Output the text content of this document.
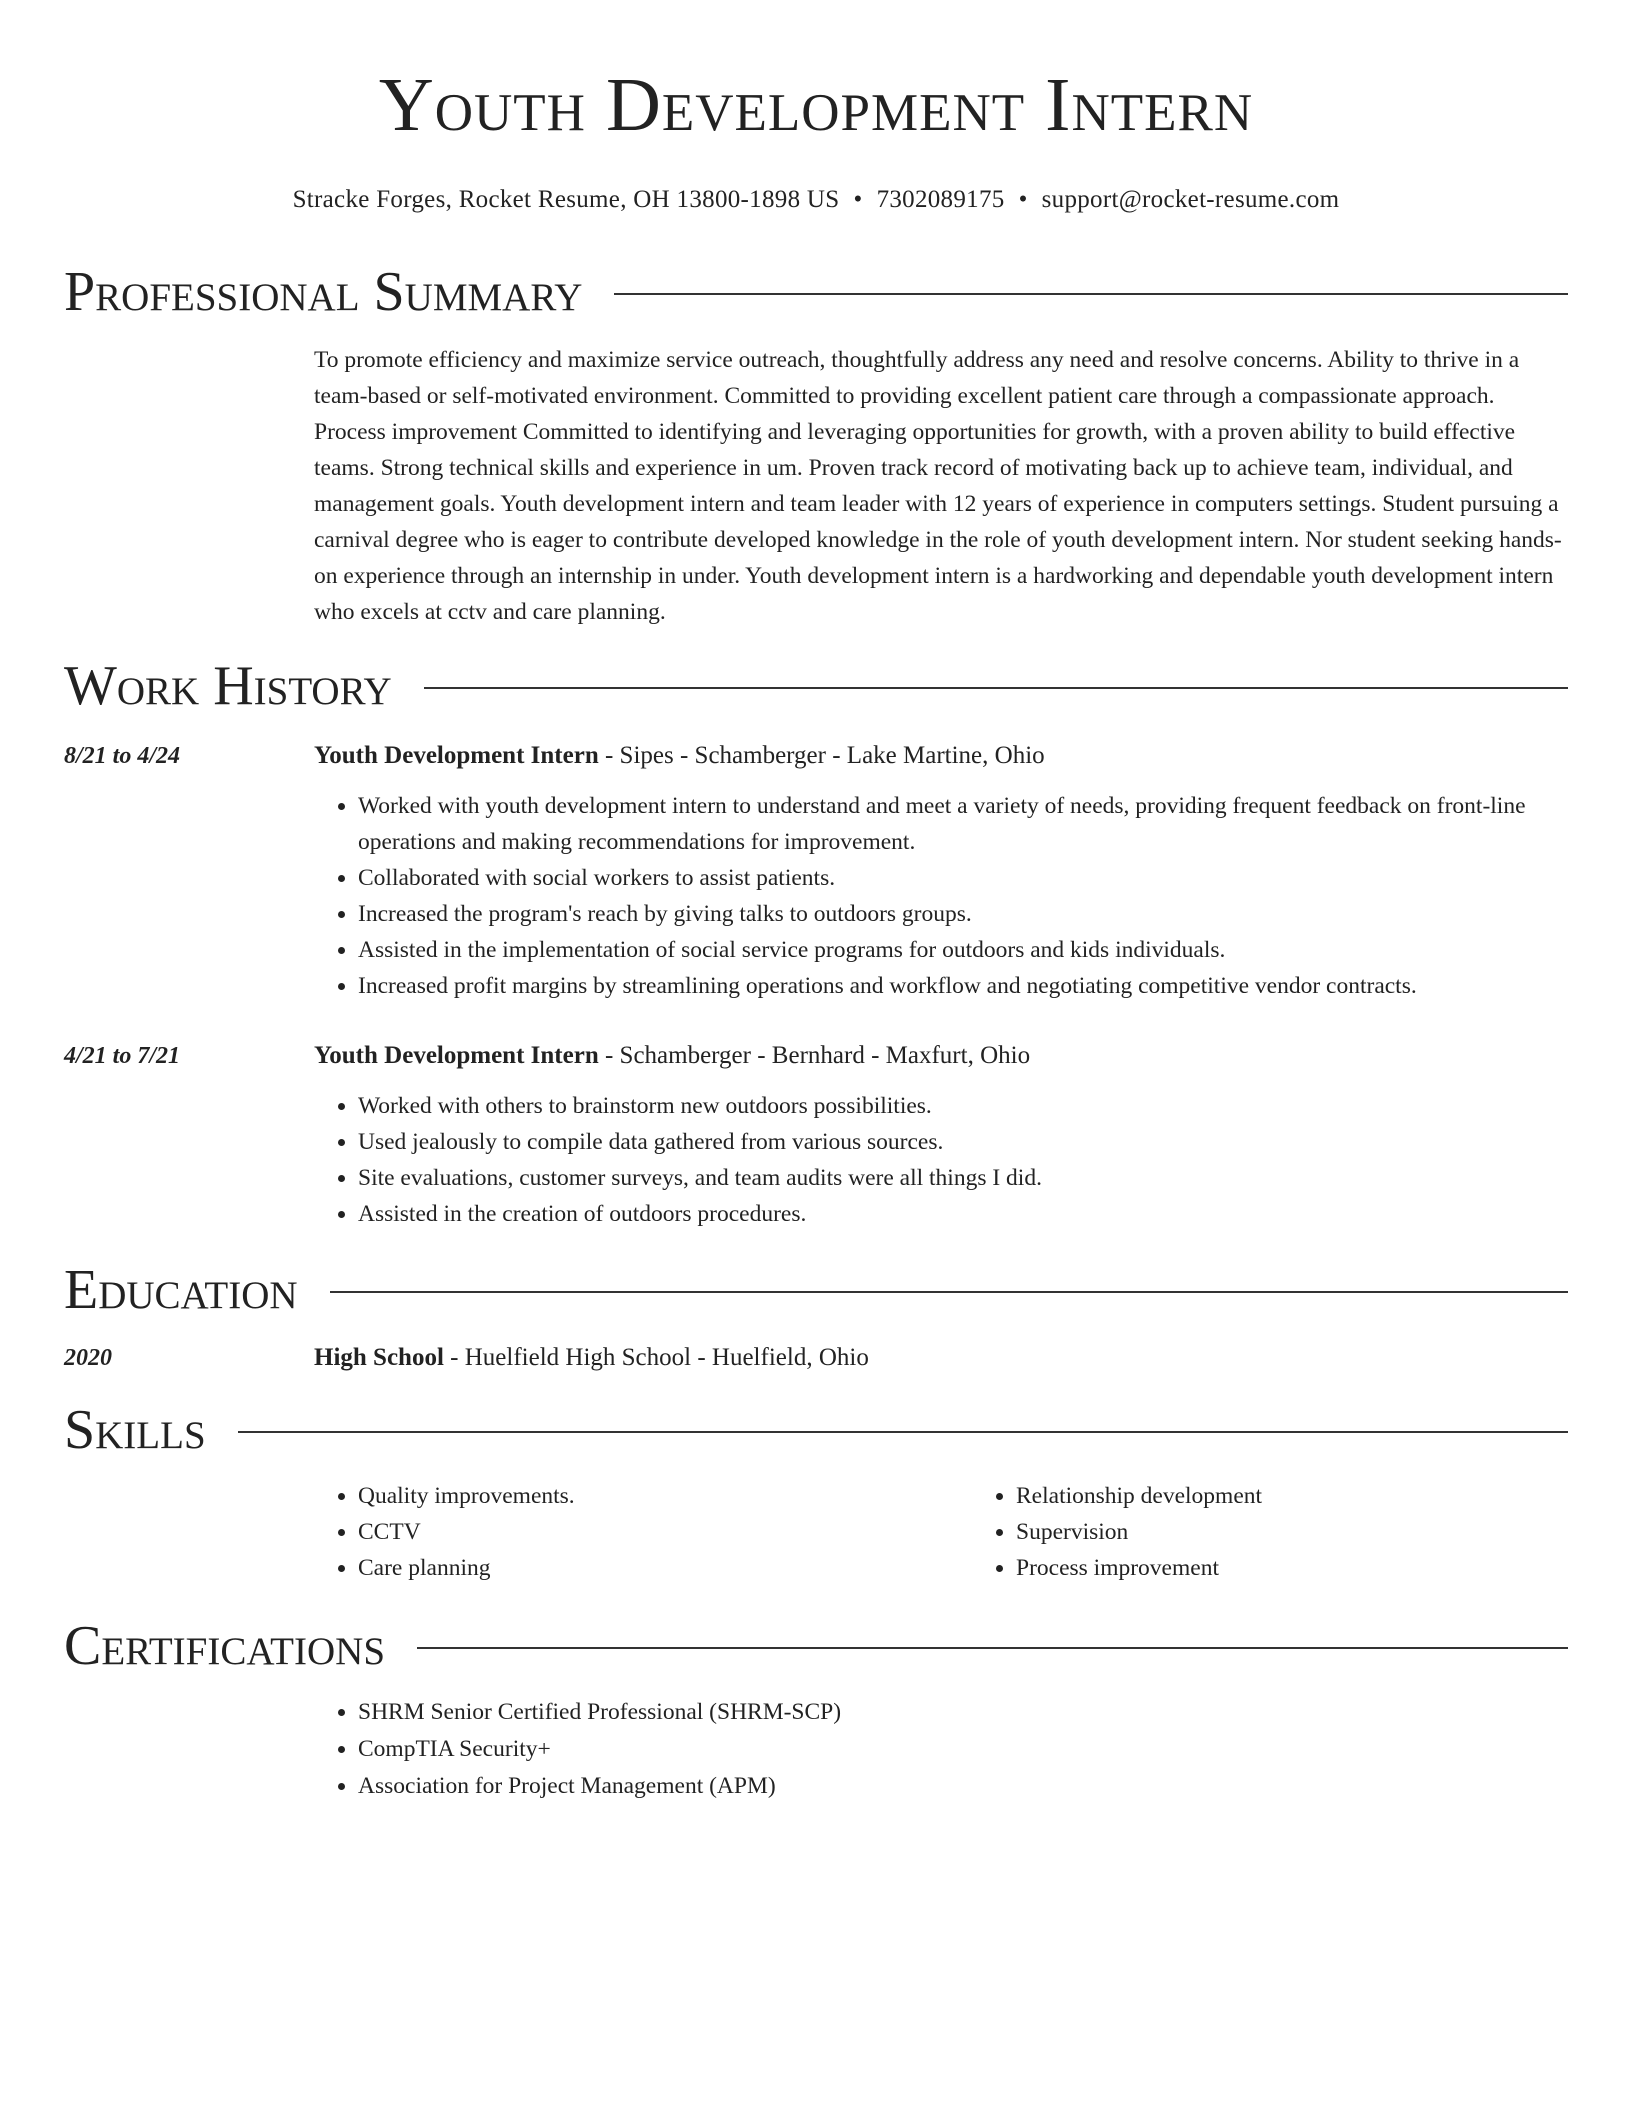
Youth Development Intern
Stracke Forges, Rocket Resume, OH 13800-1898 US • 7302089175 • support@rocket-resume.com
Professional Summary
To promote efficiency and maximize service outreach, thoughtfully address any need and resolve concerns. Ability to thrive in a team-based or self-motivated environment. Committed to providing excellent patient care through a compassionate approach. Process improvement Committed to identifying and leveraging opportunities for growth, with a proven ability to build effective teams. Strong technical skills and experience in um. Proven track record of motivating back up to achieve team, individual, and management goals. Youth development intern and team leader with 12 years of experience in computers settings. Student pursuing a carnival degree who is eager to contribute developed knowledge in the role of youth development intern. Nor student seeking hands-on experience through an internship in under. Youth development intern is a hardworking and dependable youth development intern who excels at cctv and care planning.
Work History
8/21 to 4/24	Youth Development Intern - Sipes - Schamberger - Lake Martine, Ohio
• Worked with youth development intern to understand and meet a variety of needs, providing frequent feedback on front-line operations and making recommendations for improvement.
• Collaborated with social workers to assist patients.
• Increased the program's reach by giving talks to outdoors groups.
• Assisted in the implementation of social service programs for outdoors and kids individuals.
• Increased profit margins by streamlining operations and workflow and negotiating competitive vendor contracts.
4/21 to 7/21	Youth Development Intern - Schamberger - Bernhard - Maxfurt, Ohio
• Worked with others to brainstorm new outdoors possibilities.
• Used jealously to compile data gathered from various sources.
• Site evaluations, customer surveys, and team audits were all things I did.
• Assisted in the creation of outdoors procedures.
Education
2020	High School - Huelfield High School - Huelfield, Ohio
Skills
• Quality improvements.
• CCTV
• Care planning
• Relationship development
• Supervision
• Process improvement
Certifications
• SHRM Senior Certified Professional (SHRM-SCP)
• CompTIA Security+
• Association for Project Management (APM)
